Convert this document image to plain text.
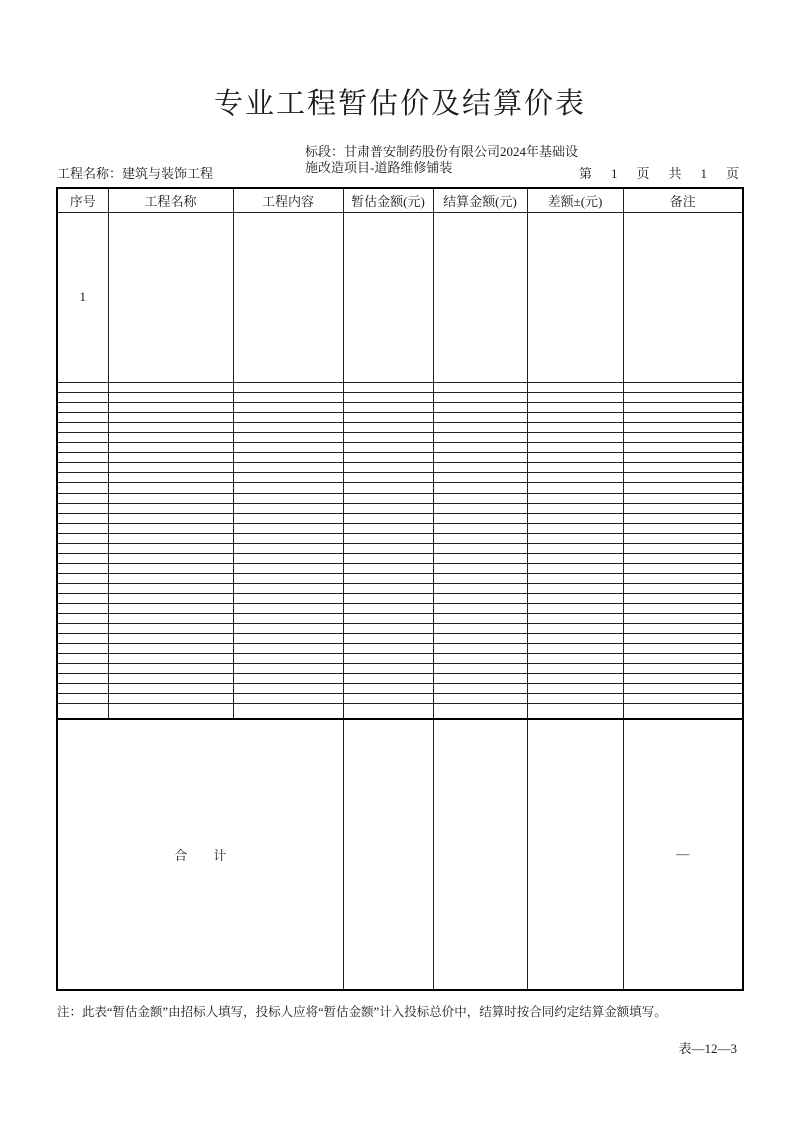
专业工程暂估价及结算价表
工程名称：建筑与装饰工程
标段：甘肃普安制药股份有限公司2024年基础设
施改造项目-道路维修铺装	第　1　页　共　1　页
序号	工程名称	工程内容	暂估金额(元)	结算金额(元)	差额±(元)	备注
1						

合　　计						—
注：此表“暂估金额”由招标人填写，投标人应将“暂估金额”计入投标总价中，结算时按合同约定结算金额填写。
表—12—3
